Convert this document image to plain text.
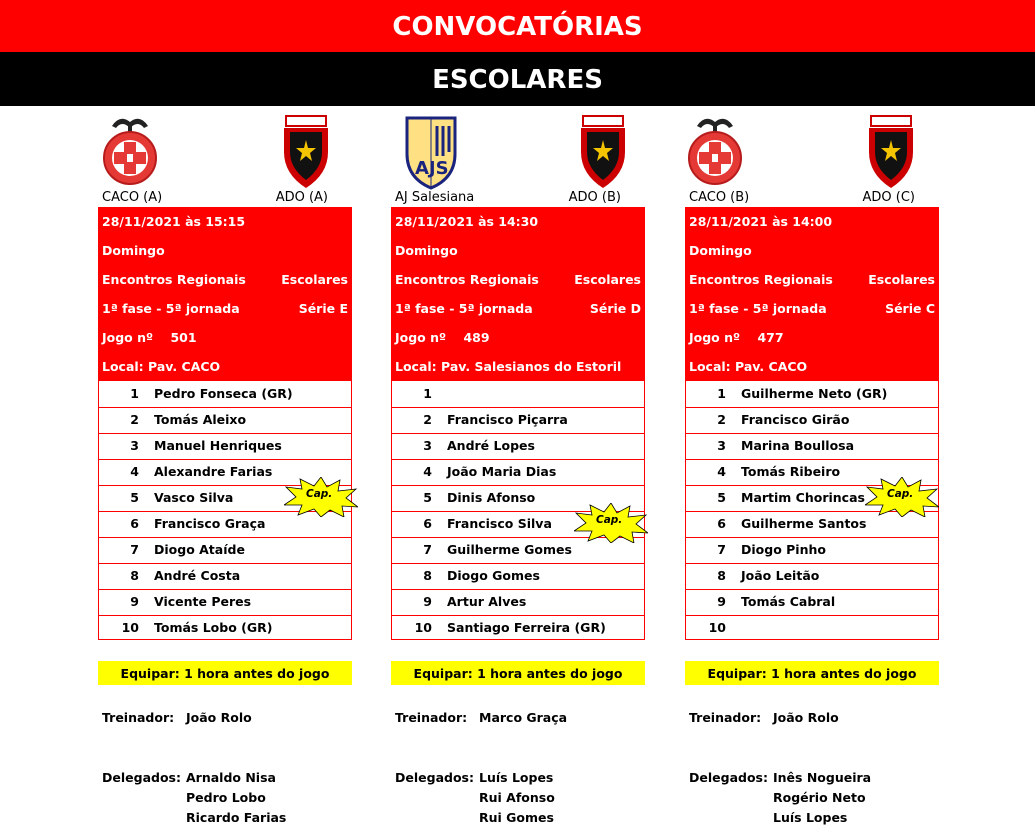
CONVOCATÓRIAS
ESCOLARES
CACO (A)	ADO (A)
28/11/2021 às 15:15
Domingo
Encontros Regionais	Escolares
1ª fase - 5ª jornada	Série E
Jogo nº    501
Local: Pav. CACO
1 Pedro Fonseca (GR)
2 Tomás Aleixo
3 Manuel Henriques
4 Alexandre Farias
5 Vasco Silva
6 Francisco Graça
7 Diogo Ataíde
8 André Costa
9 Vicente Peres
10 Tomás Lobo (GR)
Cap.
Equipar: 1 hora antes do jogo
Treinador: João Rolo
Delegados: Arnaldo Nisa
Pedro Lobo
Ricardo Farias
AJS
AJ Salesiana	ADO (B)
28/11/2021 às 14:30
Domingo
Encontros Regionais	Escolares
1ª fase - 5ª jornada	Série D
Jogo nº    489
Local: Pav. Salesianos do Estoril
1
2 Francisco Piçarra
3 André Lopes
4 João Maria Dias
5 Dinis Afonso
6 Francisco Silva
7 Guilherme Gomes
8 Diogo Gomes
9 Artur Alves
10 Santiago Ferreira (GR)
Cap.
Equipar: 1 hora antes do jogo
Treinador: Marco Graça
Delegados: Luís Lopes
Rui Afonso
Rui Gomes
CACO (B)	ADO (C)
28/11/2021 às 14:00
Domingo
Encontros Regionais	Escolares
1ª fase - 5ª jornada	Série C
Jogo nº    477
Local: Pav. CACO
1 Guilherme Neto (GR)
2 Francisco Girão
3 Marina Boullosa
4 Tomás Ribeiro
5 Martim Chorincas
6 Guilherme Santos
7 Diogo Pinho
8 João Leitão
9 Tomás Cabral
10
Cap.
Equipar: 1 hora antes do jogo
Treinador: João Rolo
Delegados: Inês Nogueira
Rogério Neto
Luís Lopes
